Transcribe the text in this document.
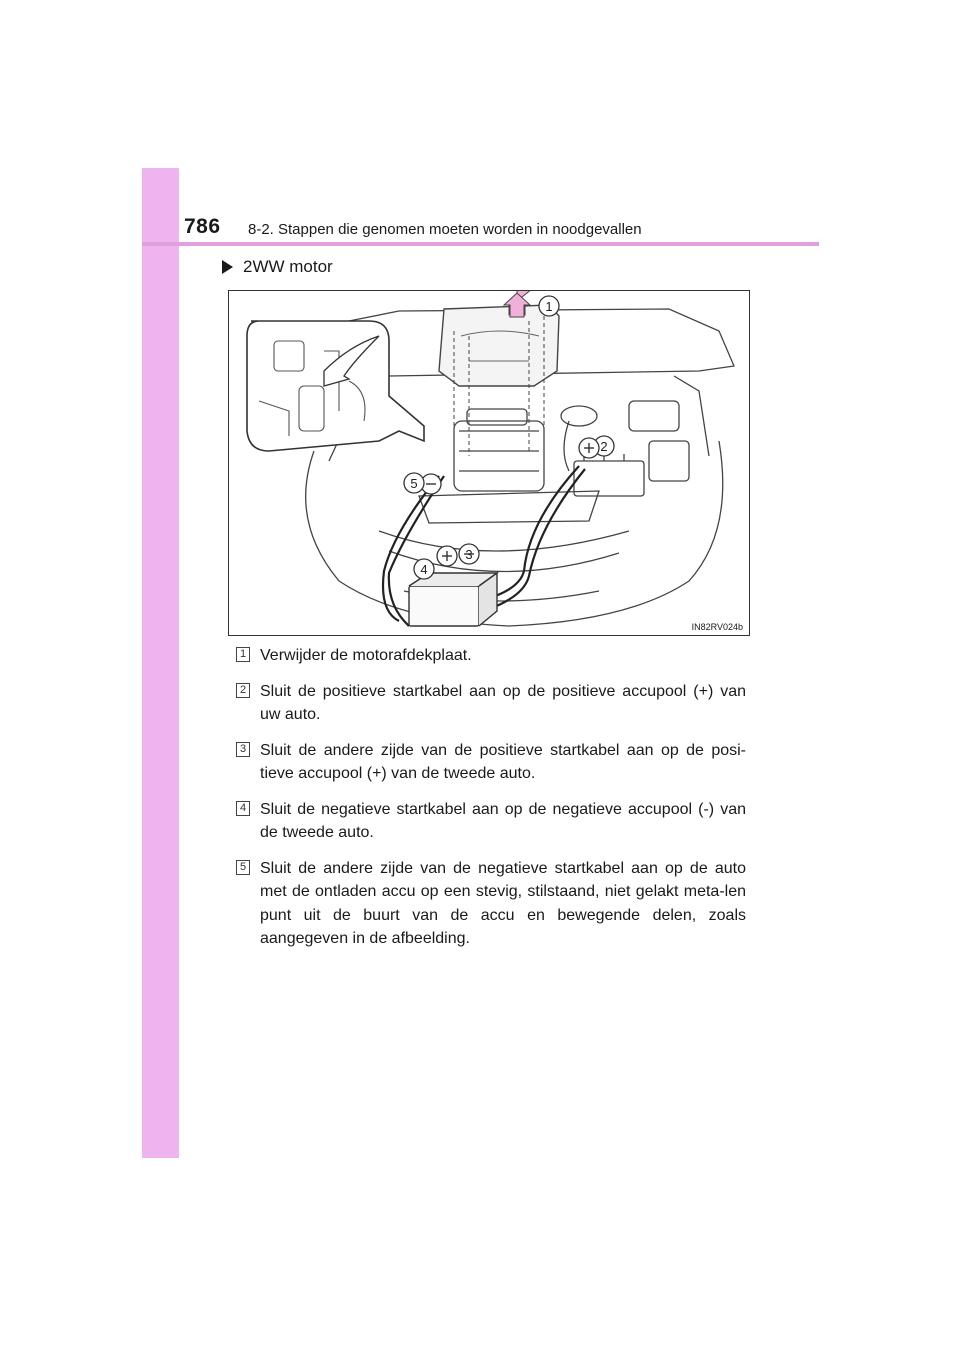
786 8-2. Stappen die genomen moeten worden in noodgevallen
2WW motor
1
2
3
4
5
IN82RV024b
1 Verwijder de motorafdekplaat.
2 Sluit de positieve startkabel aan op de positieve accupool (+) van uw auto.
3 Sluit de andere zijde van de positieve startkabel aan op de posi-tieve accupool (+) van de tweede auto.
4 Sluit de negatieve startkabel aan op de negatieve accupool (-) van de tweede auto.
5 Sluit de andere zijde van de negatieve startkabel aan op de auto met de ontladen accu op een stevig, stilstaand, niet gelakt meta-len punt uit de buurt van de accu en bewegende delen, zoals aangegeven in de afbeelding.
